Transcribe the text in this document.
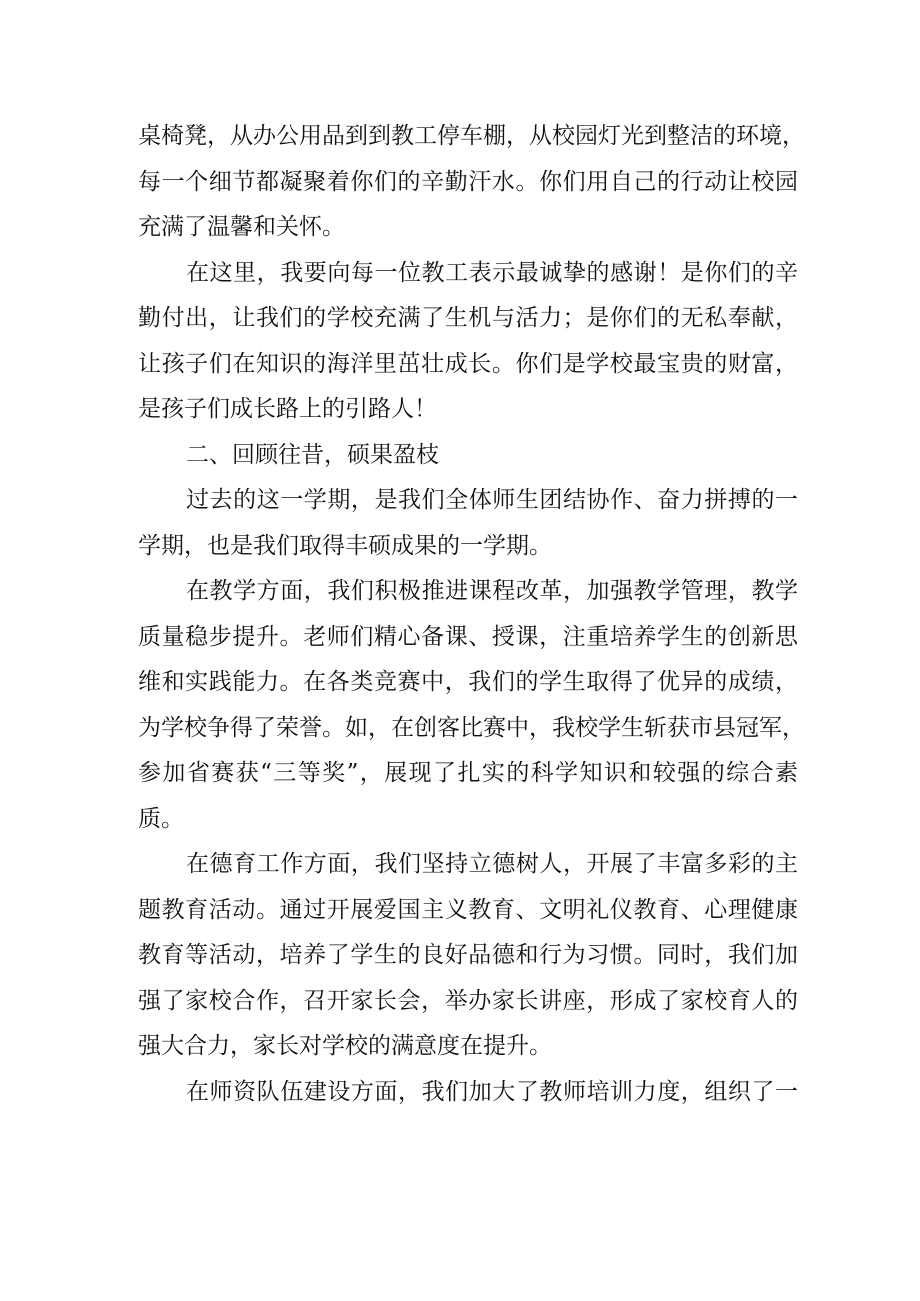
桌椅凳，从办公用品到到教工停车棚，从校园灯光到整洁的环境，
每一个细节都凝聚着你们的辛勤汗水。你们用自己的行动让校园
充满了温馨和关怀。
在这里，我要向每一位教工表示最诚挚的感谢！是你们的辛
勤付出，让我们的学校充满了生机与活力；是你们的无私奉献，
让孩子们在知识的海洋里茁壮成长。你们是学校最宝贵的财富，
是孩子们成长路上的引路人！
二、回顾往昔，硕果盈枝
过去的这一学期，是我们全体师生团结协作、奋力拼搏的一
学期，也是我们取得丰硕成果的一学期。
在教学方面，我们积极推进课程改革，加强教学管理，教学
质量稳步提升。老师们精心备课、授课，注重培养学生的创新思
维和实践能力。在各类竞赛中，我们的学生取得了优异的成绩，
为学校争得了荣誉。如，在创客比赛中，我校学生斩获市县冠军，
参加省赛获“三等奖”，展现了扎实的科学知识和较强的综合素
质。
在德育工作方面，我们坚持立德树人，开展了丰富多彩的主
题教育活动。通过开展爱国主义教育、文明礼仪教育、心理健康
教育等活动，培养了学生的良好品德和行为习惯。同时，我们加
强了家校合作，召开家长会，举办家长讲座，形成了家校育人的
强大合力，家长对学校的满意度在提升。
在师资队伍建设方面，我们加大了教师培训力度，组织了一
